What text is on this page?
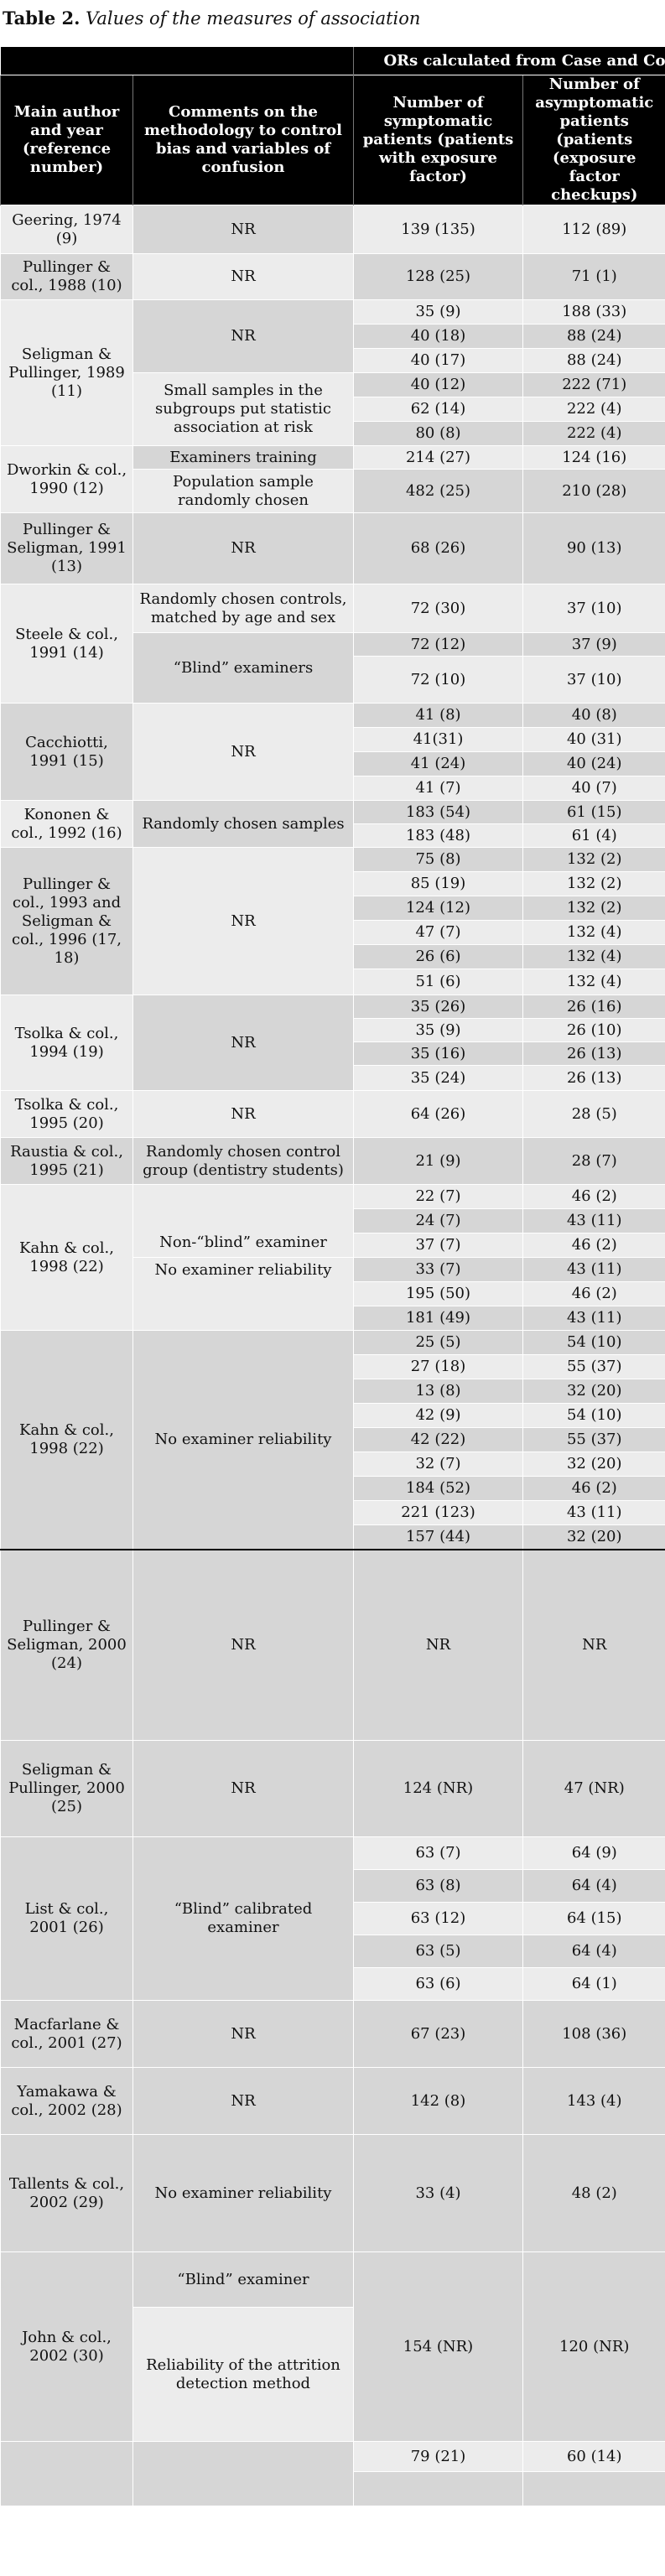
Table 2. Values of the measures of association
		ORs calculated from Case and Co	
Main author and year (reference number)	Comments on the methodology to control bias and variables of confusion	Number of symptomatic patients (patients with exposure factor)	Number of asymptomatic patients (patients (exposure factor checkups)
Geering, 1974 (9)	NR	139 (135)	112 (89)
Pullinger & col., 1988 (10)	NR	128 (25)	71 (1)
Seligman & Pullinger, 1989 (11)	NR	35 (9)	188 (33)
		40 (18)	88 (24)
		40 (17)	88 (24)
	Small samples in the subgroups put statistic association at risk	40 (12)	222 (71)
		62 (14)	222 (4)
		80 (8)	222 (4)
Dworkin & col., 1990 (12)	Examiners training	214 (27)	124 (16)
	Population sample randomly chosen	482 (25)	210 (28)
Pullinger & Seligman, 1991 (13)	NR	68 (26)	90 (13)
Steele & col., 1991 (14)	Randomly chosen controls, matched by age and sex	72 (30)	37 (10)
	“Blind” examiners	72 (12)	37 (9)
		72 (10)	37 (10)
Cacchiotti, 1991 (15)	NR	41 (8)	40 (8)
		41(31)	40 (31)
		41 (24)	40 (24)
		41 (7)	40 (7)
Kononen & col., 1992 (16)	Randomly chosen samples	183 (54)	61 (15)
		183 (48)	61 (4)
Pullinger & col., 1993 and Seligman & col., 1996 (17, 18)	NR	75 (8)	132 (2)
		85 (19)	132 (2)
		124 (12)	132 (2)
		47 (7)	132 (4)
		26 (6)	132 (4)
		51 (6)	132 (4)
Tsolka & col., 1994 (19)	NR	35 (26)	26 (16)
		35 (9)	26 (10)
		35 (16)	26 (13)
		35 (24)	26 (13)
Tsolka & col., 1995 (20)	NR	64 (26)	28 (5)
Raustia & col., 1995 (21)	Randomly chosen control group (dentistry students)	21 (9)	28 (7)
Kahn & col., 1998 (22)	Non-“blind” examiner	22 (7)	46 (2)
		24 (7)	43 (11)
		37 (7)	46 (2)
	No examiner reliability	33 (7)	43 (11)
		195 (50)	46 (2)
		181 (49)	43 (11)
Kahn & col., 1998 (22)	No examiner reliability	25 (5)	54 (10)
		27 (18)	55 (37)
		13 (8)	32 (20)
		42 (9)	54 (10)
		42 (22)	55 (37)
		32 (7)	32 (20)
		184 (52)	46 (2)
		221 (123)	43 (11)
		157 (44)	32 (20)
Pullinger & Seligman, 2000 (24)	NR	NR	NR
Seligman & Pullinger, 2000 (25)	NR	124 (NR)	47 (NR)
List & col., 2001 (26)	“Blind” calibrated examiner	63 (7)	64 (9)
		63 (8)	64 (4)
		63 (12)	64 (15)
		63 (5)	64 (4)
		63 (6)	64 (1)
Macfarlane & col., 2001 (27)	NR	67 (23)	108 (36)
Yamakawa & col., 2002 (28)	NR	142 (8)	143 (4)
Tallents & col., 2002 (29)	No examiner reliability	33 (4)	48 (2)
John & col., 2002 (30)	“Blind” examiner	154 (NR)	120 (NR)
	Reliability of the attrition detection method		
		79 (21)	60 (14)
